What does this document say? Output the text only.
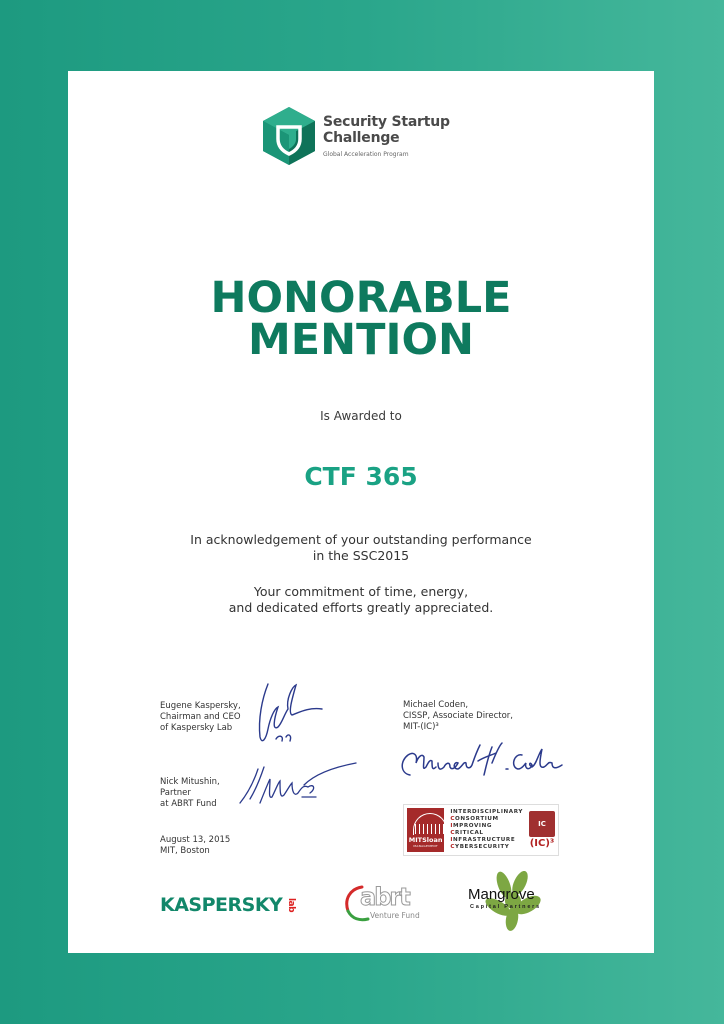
Security Startup
Challenge
Global Acceleration Program
HONORABLE
MENTION
Is Awarded to
CTF 365
In acknowledgement of your outstanding performance
in the SSC2015
Your commitment of time, energy,
and dedicated efforts greatly appreciated.
Eugene Kaspersky,
Chairman and CEO
of Kaspersky Lab
Nick Mitushin,
Partner
at ABRT Fund
August 13, 2015
MIT, Boston
Michael Coden,
CISSP, Associate Director,
MIT-(IC)³
MITSloan
MANAGEMENT
INTERDISCIPLINARY
CONSORTIUM
IMPROVING
CRITICAL
INFRASTRUCTURE
CYBERSECURITY
IC
(IC)³
KASPERSKY lab	abrt
Venture Fund
Mangrove
Capital Partners
